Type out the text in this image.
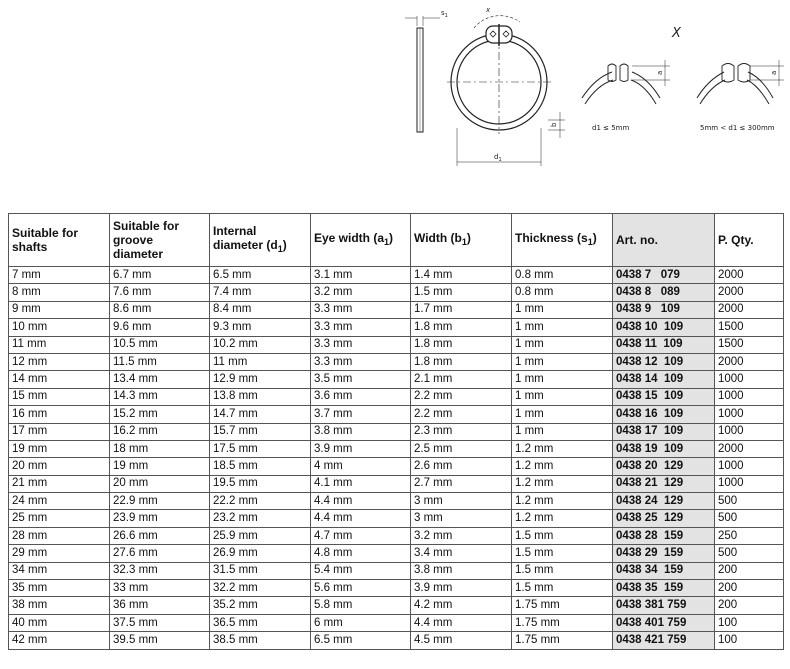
$s_1$
x
$d_1$
b
X
a
d1 ≤ 5mm
a
5mm < d1 ≤ 300mm
Suitable for shafts	Suitable for groove diameter	Internal diameter $(d_1)$	Eye width $(a_1)$	Width $(b_1)$	Thickness $(s_1)$	Art. no.	P. Qty.
7 mm	6.7 mm	6.5 mm	3.1 mm	1.4 mm	0.8 mm	0438 7   079	2000
8 mm	7.6 mm	7.4 mm	3.2 mm	1.5 mm	0.8 mm	0438 8   089	2000
9 mm	8.6 mm	8.4 mm	3.3 mm	1.7 mm	1 mm	0438 9   109	2000
10 mm	9.6 mm	9.3 mm	3.3 mm	1.8 mm	1 mm	0438 10  109	1500
11 mm	10.5 mm	10.2 mm	3.3 mm	1.8 mm	1 mm	0438 11  109	1500
12 mm	11.5 mm	11 mm	3.3 mm	1.8 mm	1 mm	0438 12  109	2000
14 mm	13.4 mm	12.9 mm	3.5 mm	2.1 mm	1 mm	0438 14  109	1000
15 mm	14.3 mm	13.8 mm	3.6 mm	2.2 mm	1 mm	0438 15  109	1000
16 mm	15.2 mm	14.7 mm	3.7 mm	2.2 mm	1 mm	0438 16  109	1000
17 mm	16.2 mm	15.7 mm	3.8 mm	2.3 mm	1 mm	0438 17  109	1000
19 mm	18 mm	17.5 mm	3.9 mm	2.5 mm	1.2 mm	0438 19  109	2000
20 mm	19 mm	18.5 mm	4 mm	2.6 mm	1.2 mm	0438 20  129	1000
21 mm	20 mm	19.5 mm	4.1 mm	2.7 mm	1.2 mm	0438 21  129	1000
24 mm	22.9 mm	22.2 mm	4.4 mm	3 mm	1.2 mm	0438 24  129	500
25 mm	23.9 mm	23.2 mm	4.4 mm	3 mm	1.2 mm	0438 25  129	500
28 mm	26.6 mm	25.9 mm	4.7 mm	3.2 mm	1.5 mm	0438 28  159	250
29 mm	27.6 mm	26.9 mm	4.8 mm	3.4 mm	1.5 mm	0438 29  159	500
34 mm	32.3 mm	31.5 mm	5.4 mm	3.8 mm	1.5 mm	0438 34  159	200
35 mm	33 mm	32.2 mm	5.6 mm	3.9 mm	1.5 mm	0438 35  159	200
38 mm	36 mm	35.2 mm	5.8 mm	4.2 mm	1.75 mm	0438 381 759	200
40 mm	37.5 mm	36.5 mm	6 mm	4.4 mm	1.75 mm	0438 401 759	100
42 mm	39.5 mm	38.5 mm	6.5 mm	4.5 mm	1.75 mm	0438 421 759	100
